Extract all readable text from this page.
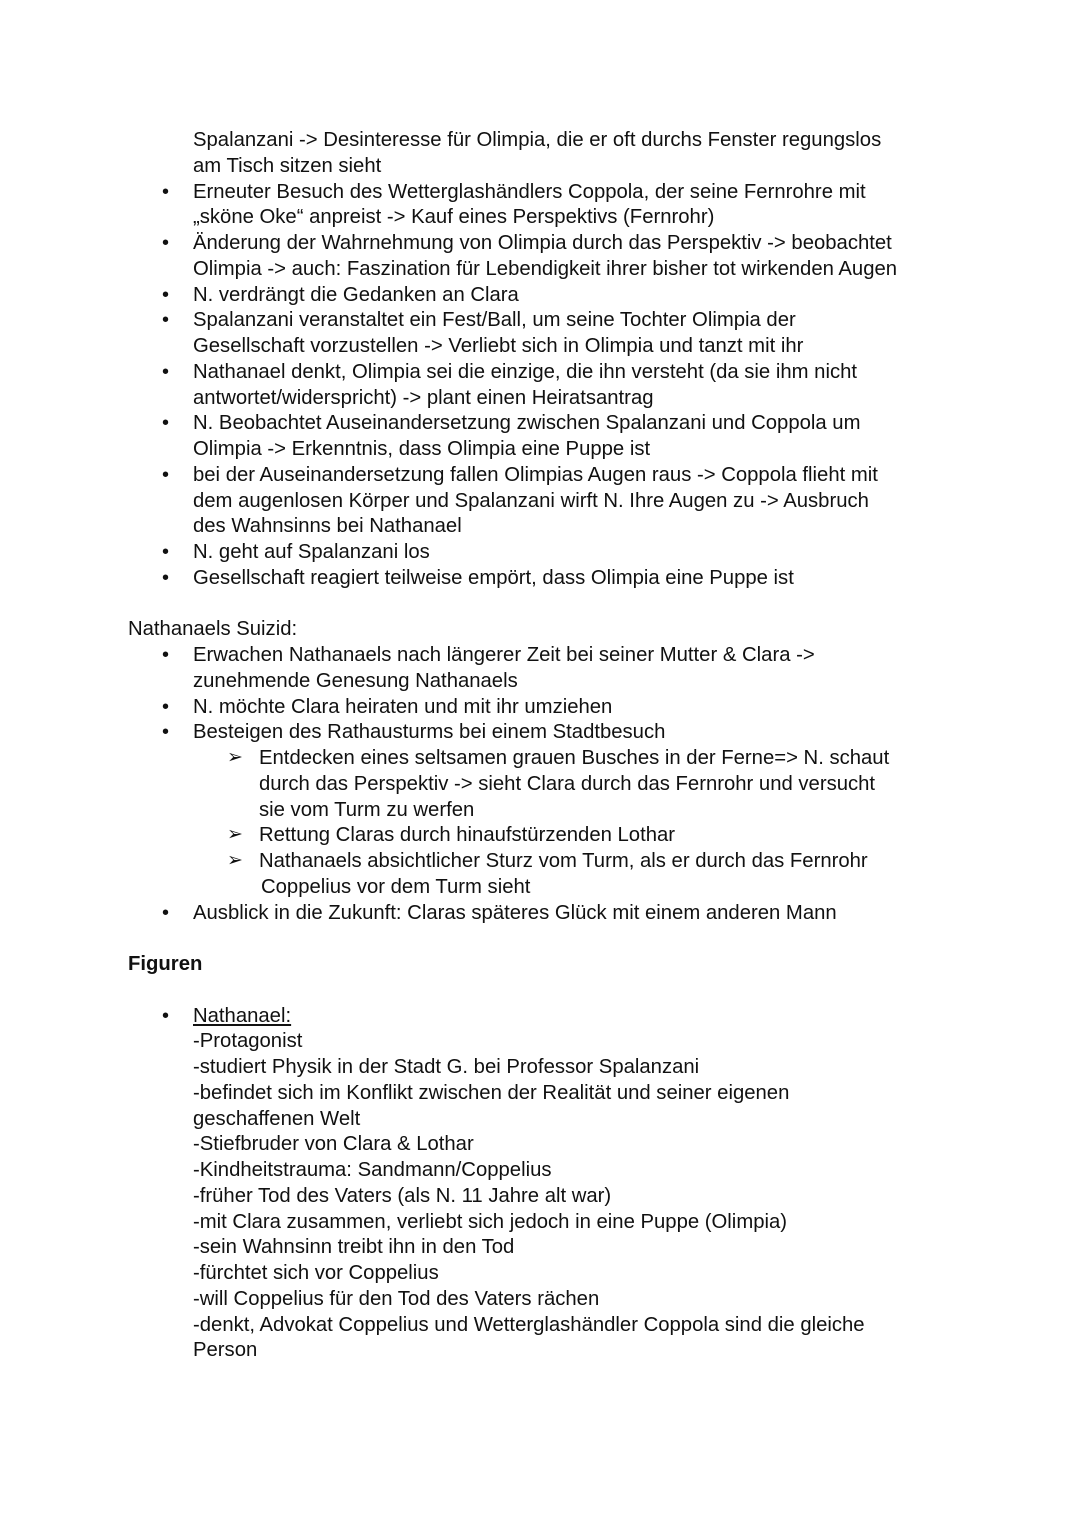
Spalanzani -> Desinteresse für Olimpia, die er oft durchs Fenster regungslos
am Tisch sitzen sieht
• Erneuter Besuch des Wetterglashändlers Coppola, der seine Fernrohre mit
„sköne Oke“ anpreist -> Kauf eines Perspektivs (Fernrohr)
• Änderung der Wahrnehmung von Olimpia durch das Perspektiv -> beobachtet
Olimpia -> auch: Faszination für Lebendigkeit ihrer bisher tot wirkenden Augen
• N. verdrängt die Gedanken an Clara
• Spalanzani veranstaltet ein Fest/Ball, um seine Tochter Olimpia der
Gesellschaft vorzustellen -> Verliebt sich in Olimpia und tanzt mit ihr
• Nathanael denkt, Olimpia sei die einzige, die ihn versteht (da sie ihm nicht
antwortet/widerspricht) -> plant einen Heiratsantrag
• N. Beobachtet Auseinandersetzung zwischen Spalanzani und Coppola um
Olimpia -> Erkenntnis, dass Olimpia eine Puppe ist
• bei der Auseinandersetzung fallen Olimpias Augen raus -> Coppola flieht mit
dem augenlosen Körper und Spalanzani wirft N. Ihre Augen zu -> Ausbruch
des Wahnsinns bei Nathanael
• N. geht auf Spalanzani los
• Gesellschaft reagiert teilweise empört, dass Olimpia eine Puppe ist
Nathanaels Suizid:
• Erwachen Nathanaels nach längerer Zeit bei seiner Mutter & Clara ->
zunehmende Genesung Nathanaels
• N. möchte Clara heiraten und mit ihr umziehen
• Besteigen des Rathausturms bei einem Stadtbesuch
➢ Entdecken eines seltsamen grauen Busches in der Ferne=> N. schaut
durch das Perspektiv -> sieht Clara durch das Fernrohr und versucht
sie vom Turm zu werfen
➢ Rettung Claras durch hinaufstürzenden Lothar
➢ Nathanaels absichtlicher Sturz vom Turm, als er durch das Fernrohr
Coppelius vor dem Turm sieht
• Ausblick in die Zukunft: Claras späteres Glück mit einem anderen Mann
Figuren
• Nathanael:
-Protagonist
-studiert Physik in der Stadt G. bei Professor Spalanzani
-befindet sich im Konflikt zwischen der Realität und seiner eigenen
geschaffenen Welt
-Stiefbruder von Clara & Lothar
-Kindheitstrauma: Sandmann/Coppelius
-früher Tod des Vaters (als N. 11 Jahre alt war)
-mit Clara zusammen, verliebt sich jedoch in eine Puppe (Olimpia)
-sein Wahnsinn treibt ihn in den Tod
-fürchtet sich vor Coppelius
-will Coppelius für den Tod des Vaters rächen
-denkt, Advokat Coppelius und Wetterglashändler Coppola sind die gleiche
Person
